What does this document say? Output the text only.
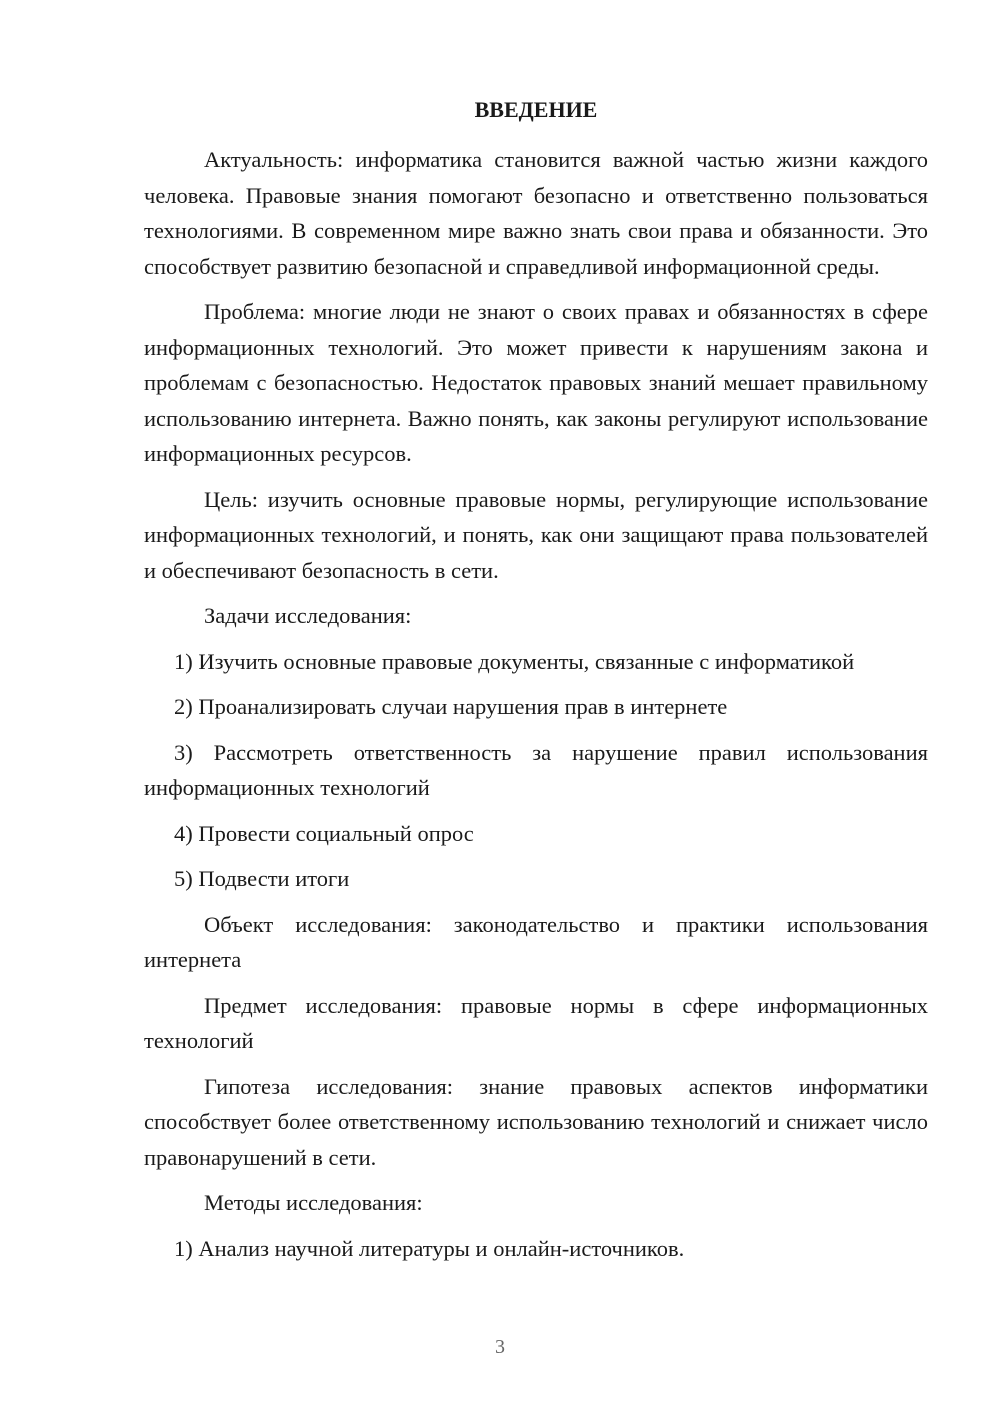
ВВЕДЕНИЕ

Актуальность: информатика становится важной частью жизни каждого человека. Правовые знания помогают безопасно и ответственно пользоваться технологиями. В современном мире важно знать свои права и обязанности. Это способствует развитию безопасной и справедливой информационной среды.

Проблема: многие люди не знают о своих правах и обязанностях в сфере информационных технологий. Это может привести к нарушениям закона и проблемам с безопасностью. Недостаток правовых знаний мешает правильному использованию интернета. Важно понять, как законы регулируют использование информационных ресурсов.

Цель: изучить основные правовые нормы, регулирующие использование информационных технологий, и понять, как они защищают права пользователей и обеспечивают безопасность в сети.

Задачи исследования:

1) Изучить основные правовые документы, связанные с информатикой

2) Проанализировать случаи нарушения прав в интернете

3) Рассмотреть ответственность за нарушение правил использования информационных технологий

4) Провести социальный опрос

5) Подвести итоги

Объект исследования: законодательство и практики использования интернета

Предмет исследования: правовые нормы в сфере информационных технологий

Гипотеза исследования: знание правовых аспектов информатики способствует более ответственному использованию технологий и снижает число правонарушений в сети.

Методы исследования:

1) Анализ научной литературы и онлайн-источников.

3
